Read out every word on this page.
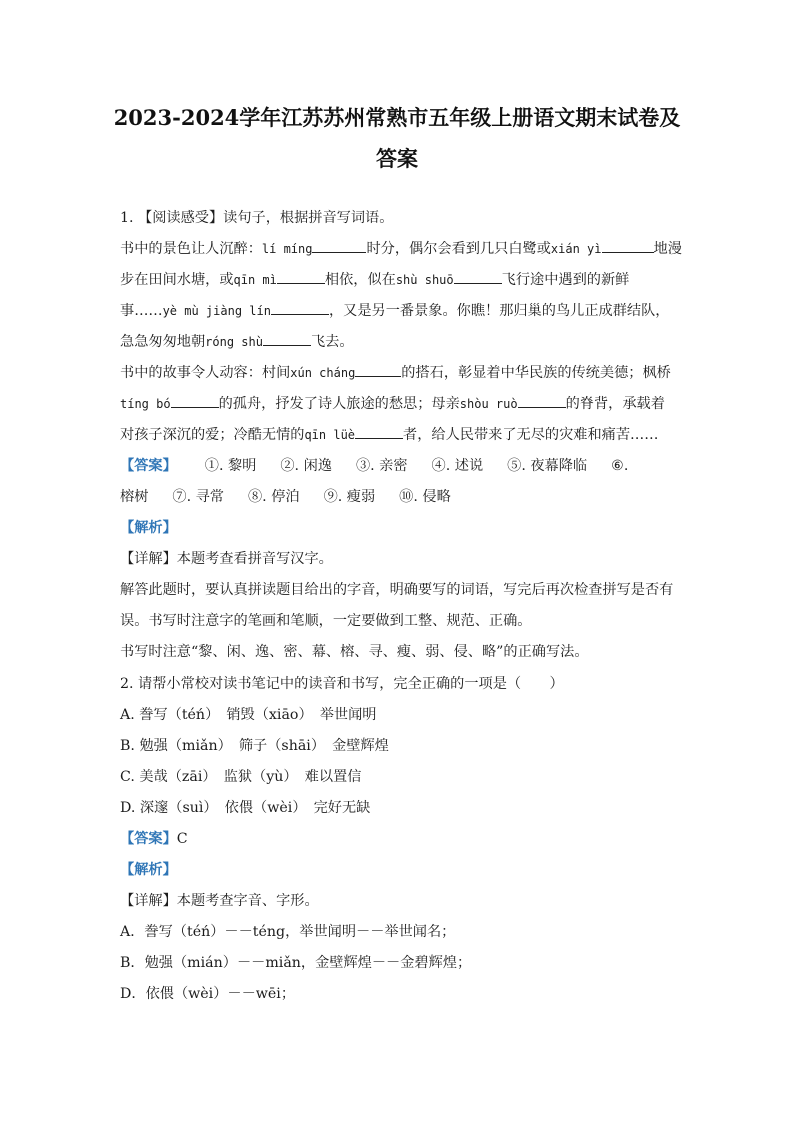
2023-2024学年江苏苏州常熟市五年级上册语文期末试卷及
答案
1. 【阅读感受】读句子，根据拼音写词语。
书中的景色让人沉醉：lí míng	时分，偶尔会看到几只白鹭或xián yì	地漫
步在田间水塘，或qīn mì	相依，似在shù shuō	飞行途中遇到的新鲜
事……yè mù jiàng lín	，又是另一番景象。你瞧！那归巢的鸟儿正成群结队，
急急匆匆地朝róng shù	飞去。
书中的故事令人动容：村间xún cháng	的搭石，彰显着中华民族的传统美德；枫桥
tíng bó	的孤舟，抒发了诗人旅途的愁思；母亲shòu ruò	的脊背，承载着
对孩子深沉的爱；冷酷无情的qīn lüè	者，给人民带来了无尽的灾难和痛苦……
【答案】 ①. 黎明 ②. 闲逸 ③. 亲密 ④. 述说 ⑤. 夜幕降临 ⑥.
榕树 ⑦. 寻常 ⑧. 停泊 ⑨. 瘦弱 ⑩. 侵略
【解析】
【详解】本题考查看拼音写汉字。
解答此题时，要认真拼读题目给出的字音，明确要写的词语，写完后再次检查拼写是否有
误。书写时注意字的笔画和笔顺，一定要做到工整、规范、正确。
书写时注意“黎、闲、逸、密、幕、榕、寻、瘦、弱、侵、略”的正确写法。
2. 请帮小常校对读书笔记中的读音和书写，完全正确的一项是（　　）
A. 誊写（téń）　销毁（xiāo）　举世闻明
B. 勉强（miǎn）　筛子（shāi）　金壁辉煌
C. 美哉（zāi）　监狱（yù）　难以置信
D. 深邃（suì）　依偎（wèi）　完好无缺
【答案】C
【解析】
【详解】本题考查字音、字形。
A．誊写（téń）－－téng，举世闻明－－举世闻名；
B．勉强（mián）－－miǎn，金壁辉煌－－金碧辉煌；
D．依偎（wèi）－－wēi；
